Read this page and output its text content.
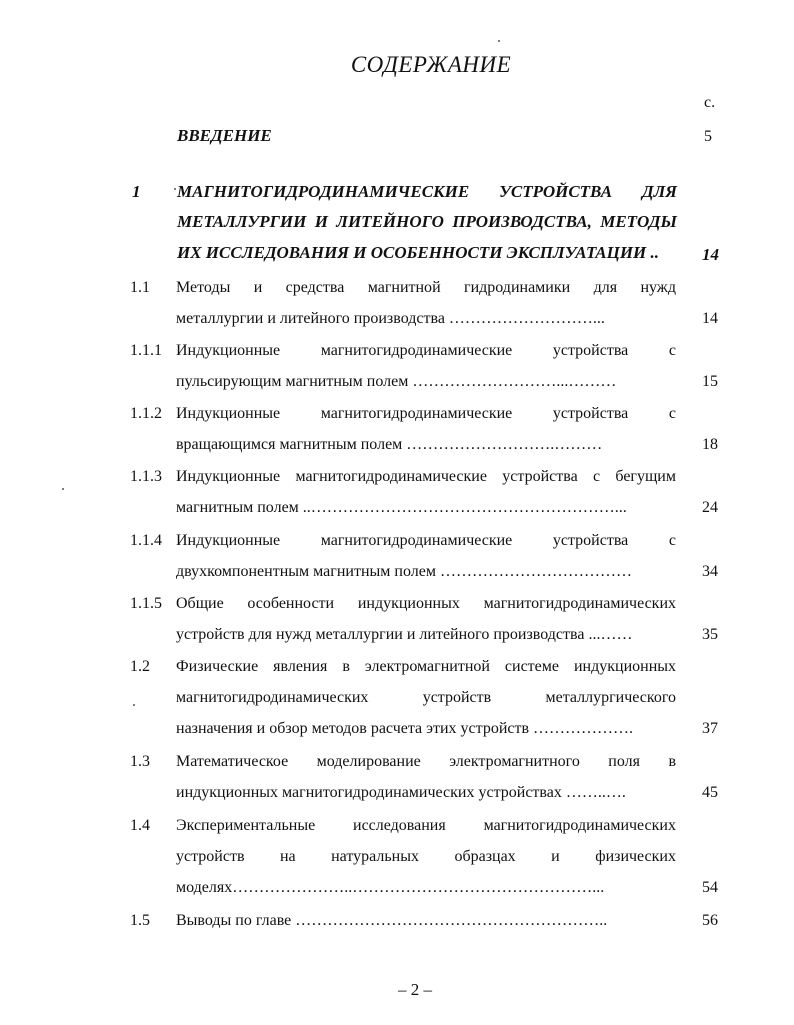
СОДЕРЖАНИЕ
с.
ВВЕДЕНИЕ	5
1 МАГНИТОГИДРОДИНАМИЧЕСКИЕ УСТРОЙСТВА ДЛЯ
МЕТАЛЛУРГИИ И ЛИТЕЙНОГО ПРОИЗВОДСТВА, МЕТОДЫ
ИХ ИССЛЕДОВАНИЯ И ОСОБЕННОСТИ ЭКСПЛУАТАЦИИ ..	14
1.1 Методы и средства магнитной гидродинамики для нужд
металлургии и литейного производства ………………………...	14
1.1.1 Индукционные магнитогидродинамические устройства с
пульсирующим магнитным полем ………………………...………	15
1.1.2 Индукционные магнитогидродинамические устройства с
вращающимся магнитным полем ……………………….………	18
1.1.3 Индукционные магнитогидродинамические устройства с бегущим
магнитным полем ..…………………………………………………...	24
1.1.4 Индукционные магнитогидродинамические устройства с
двухкомпонентным магнитным полем ………………………………	34
1.1.5 Общие особенности индукционных магнитогидродинамических
устройств для нужд металлургии и литейного производства ...……	35
1.2 Физические явления в электромагнитной системе индукционных
магнитогидродинамических устройств металлургического
назначения и обзор методов расчета этих устройств ……………….	37
1.3 Математическое моделирование электромагнитного поля в
индукционных магнитогидродинамических устройствах ……..….	45
1.4 Экспериментальные исследования магнитогидродинамических
устройств на натуральных образцах и физических
моделях…………………..………………………………………...	54
1.5 Выводы по главе …………………………………………………..	56
– 2 –
